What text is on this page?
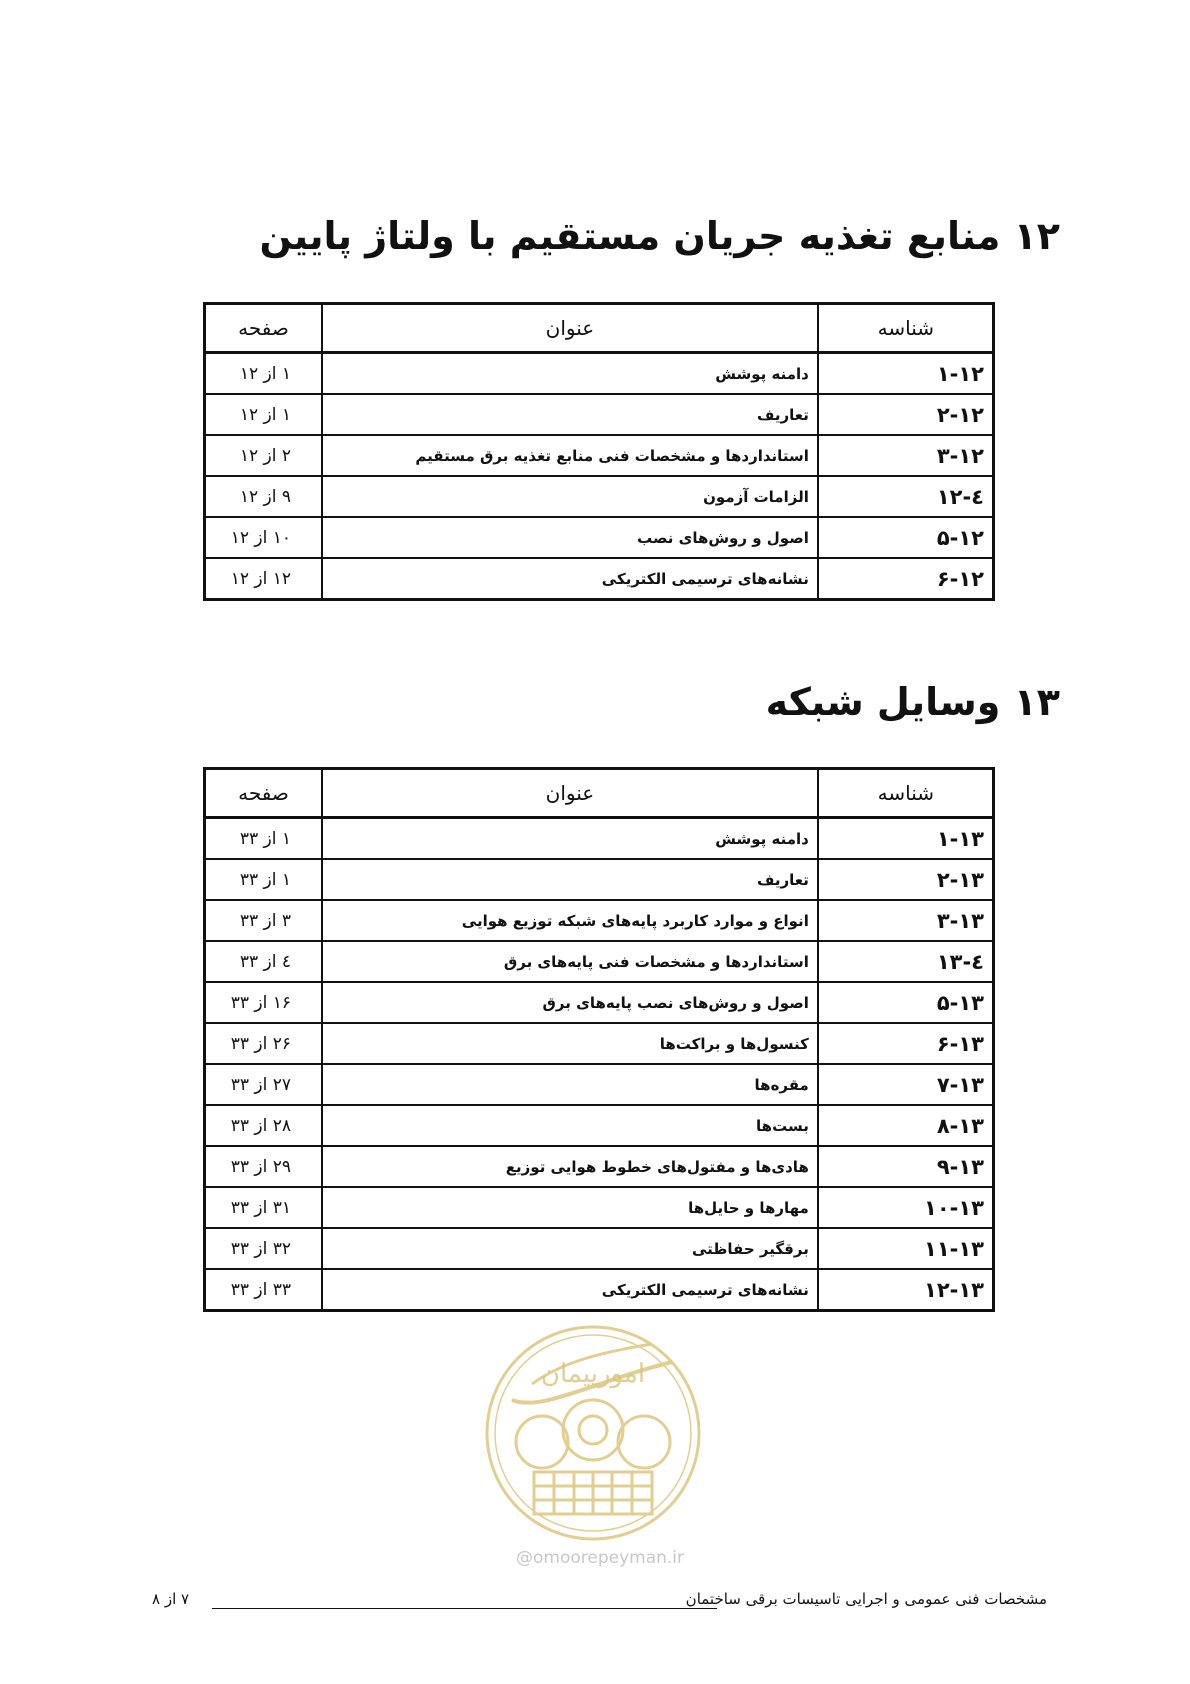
۱۲ منابع تغذیه جریان مستقیم با ولتاژ پایین
شناسه	عنوان	صفحه
۱-۱۲	دامنه پوشش	۱ از ۱۲
۲-۱۲	تعاریف	۱ از ۱۲
۳-۱۲	استانداردها و مشخصات فنی منابع تغذیه برق مستقیم	۲ از ۱۲
٤-۱۲	الزامات آزمون	۹ از ۱۲
۵-۱۲	اصول و روش‌های نصب	۱۰ از ۱۲
۶-۱۲	نشانه‌های ترسیمی الکتریکی	۱۲ از ۱۲
۱۳ وسایل شبکه
شناسه	عنوان	صفحه
۱-۱۳	دامنه پوشش	۱ از ۳۳
۲-۱۳	تعاریف	۱ از ۳۳
۳-۱۳	انواع و موارد کاربرد پایه‌های شبکه توزیع هوایی	۳ از ۳۳
٤-۱۳	استانداردها و مشخصات فنی پایه‌های برق	٤ از ۳۳
۵-۱۳	اصول و روش‌های نصب پایه‌های برق	۱۶ از ۳۳
۶-۱۳	کنسول‌ها و براکت‌ها	۲۶ از ۳۳
۷-۱۳	مقره‌ها	۲۷ از ۳۳
۸-۱۳	بست‌ها	۲۸ از ۳۳
۹-۱۳	هادی‌ها و مفتول‌های خطوط هوایی توزیع	۲۹ از ۳۳
۱۰-۱۳	مهارها و حایل‌ها	۳۱ از ۳۳
۱۱-۱۳	برقگیر حفاظتی	۳۲ از ۳۳
۱۲-۱۳	نشانه‌های ترسیمی الکتریکی	۳۳ از ۳۳
امورپیمان
@omoorepeyman.ir
مشخصات فنی عمومی و اجرایی تاسیسات برقی ساختمان
۷ از ۸
